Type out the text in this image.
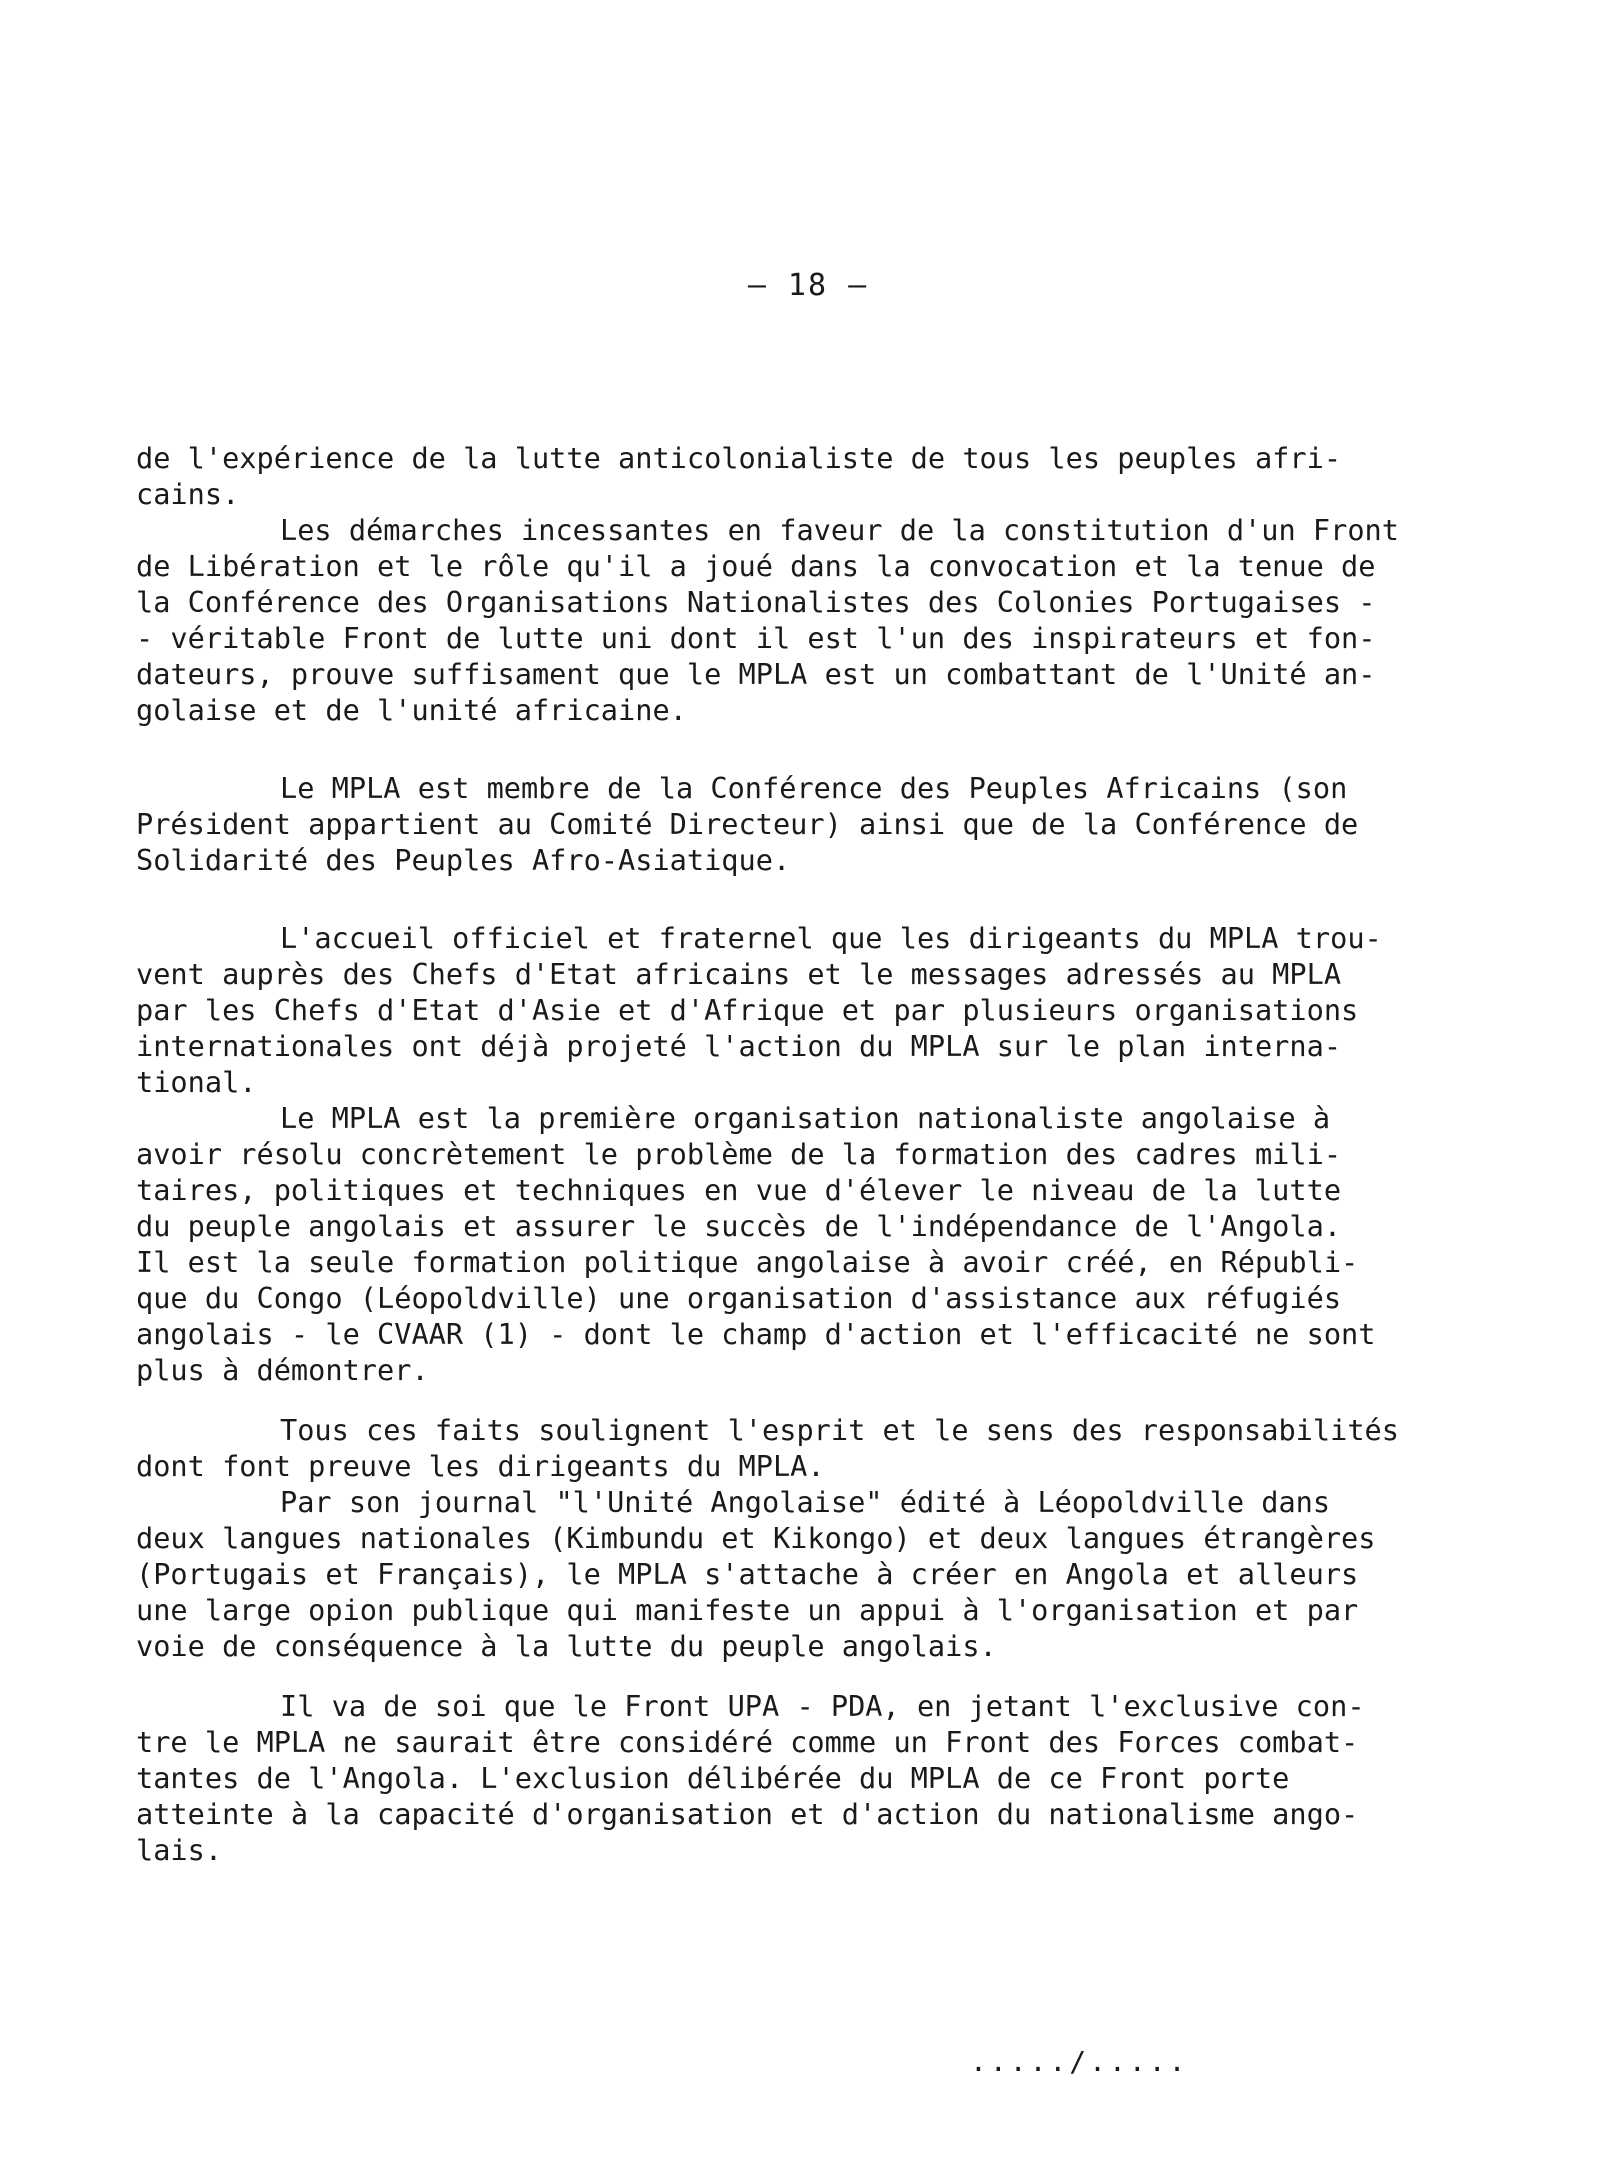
– 18 –
de l'expérience de la lutte anticolonialiste de tous les peuples afri-
cains.
Les démarches incessantes en faveur de la constitution d'un Front
de Libération et le rôle qu'il a joué dans la convocation et la tenue de
la Conférence des Organisations Nationalistes des Colonies Portugaises -
- véritable Front de lutte uni dont il est l'un des inspirateurs et fon-
dateurs, prouve suffisament que le MPLA est un combattant de l'Unité an-
golaise et de l'unité africaine.
Le MPLA est membre de la Conférence des Peuples Africains (son
Président appartient au Comité Directeur) ainsi que de la Conférence de
Solidarité des Peuples Afro-Asiatique.
L'accueil officiel et fraternel que les dirigeants du MPLA trou-
vent auprès des Chefs d'Etat africains et le messages adressés au MPLA
par les Chefs d'Etat d'Asie et d'Afrique et par plusieurs organisations
internationales ont déjà projeté l'action du MPLA sur le plan interna-
tional.
Le MPLA est la première organisation nationaliste angolaise à
avoir résolu concrètement le problème de la formation des cadres mili-
taires, politiques et techniques en vue d'élever le niveau de la lutte
du peuple angolais et assurer le succès de l'indépendance de l'Angola.
Il est la seule formation politique angolaise à avoir créé, en Républi-
que du Congo (Léopoldville) une organisation d'assistance aux réfugiés
angolais - le CVAAR (1) - dont le champ d'action et l'efficacité ne sont
plus à démontrer.
Tous ces faits soulignent l'esprit et le sens des responsabilités
dont font preuve les dirigeants du MPLA.
Par son journal "l'Unité Angolaise" édité à Léopoldville dans
deux langues nationales (Kimbundu et Kikongo) et deux langues étrangères
(Portugais et Français), le MPLA s'attache à créer en Angola et alleurs
une large opion publique qui manifeste un appui à l'organisation et par
voie de conséquence à la lutte du peuple angolais.
Il va de soi que le Front UPA - PDA, en jetant l'exclusive con-
tre le MPLA ne saurait être considéré comme un Front des Forces combat-
tantes de l'Angola. L'exclusion délibérée du MPLA de ce Front porte
atteinte à la capacité d'organisation et d'action du nationalisme ango-
lais.
...../.....
